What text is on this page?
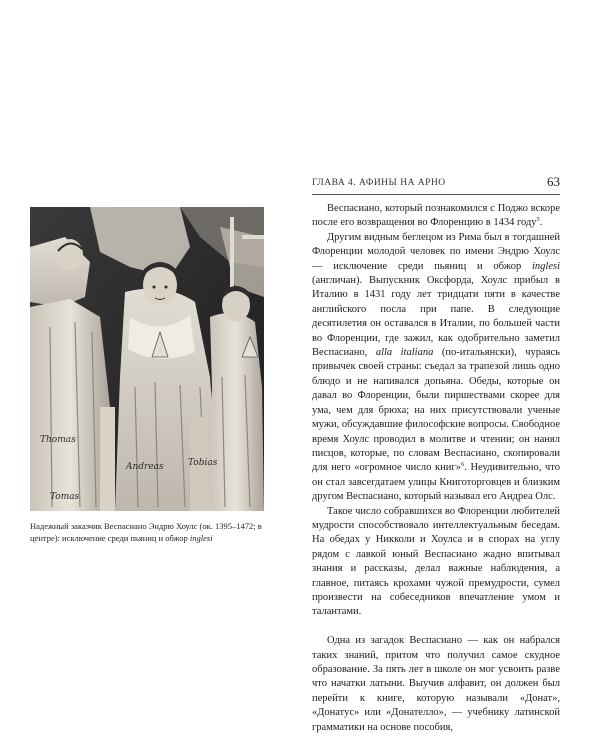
ГЛАВА 4. АФИНЫ НА АРНО	63
Thomas
Andreas	Tobias
Tomas
Надежный заказчик Веспасиано Эндрю Хоулс (ок. 1395–1472; в центре): исключение среди пьяниц и обжор inglesi

Веспасиано, который познакомился с Поджо вскоре после его возвращения во Флоренцию в 1434 году$^5$.

Другим видным беглецом из Рима был в тогдашней Флоренции молодой человек по имени Эндрю Хоулс — исключение среди пьяниц и обжор inglesi (англичан). Выпускник Оксфорда, Хоулс прибыл в Италию в 1431 году лет тридцати пяти в качестве английского посла при папе. В следующие десятилетия он оставался в Италии, по большей части во Флоренции, где зажил, как одобрительно заметил Веспасиано, alla italiana (по-итальянски), чураясь привычек своей страны: съедал за трапезой лишь одно блюдо и не напивался допьяна. Обеды, которые он давал во Флоренции, были пиршествами скорее для ума, чем для брюха; на них присутствовали ученые мужи, обсуждавшие философские вопросы. Свободное время Хоулс проводил в молитве и чтении; он нанял писцов, которые, по словам Веспасиано, скопировали для него «огромное число книг»$^6$. Неудивительно, что он стал завсегдатаем улицы Книготорговцев и близким другом Веспасиано, который называл его Андреа Олс.

Такое число собравшихся во Флоренции любителей мудрости способствовало интеллектуальным беседам. На обедах у Никколи и Хоулса и в спорах на углу рядом с лавкой юный Веспасиано жадно впитывал знания и рассказы, делал важные наблюдения, а главное, питаясь крохами чужой премудрости, сумел произвести на собеседников впечатление умом и талантами.

Одна из загадок Веспасиано — как он набрался таких знаний, притом что получил самое скудное образование. За пять лет в школе он мог усвоить разве что начатки латыни. Выучив алфавит, он должен был перейти к книге, которую называли «Донат», «Донатус» или «Донателло», — учебнику латинской грамматики на основе пособия,
